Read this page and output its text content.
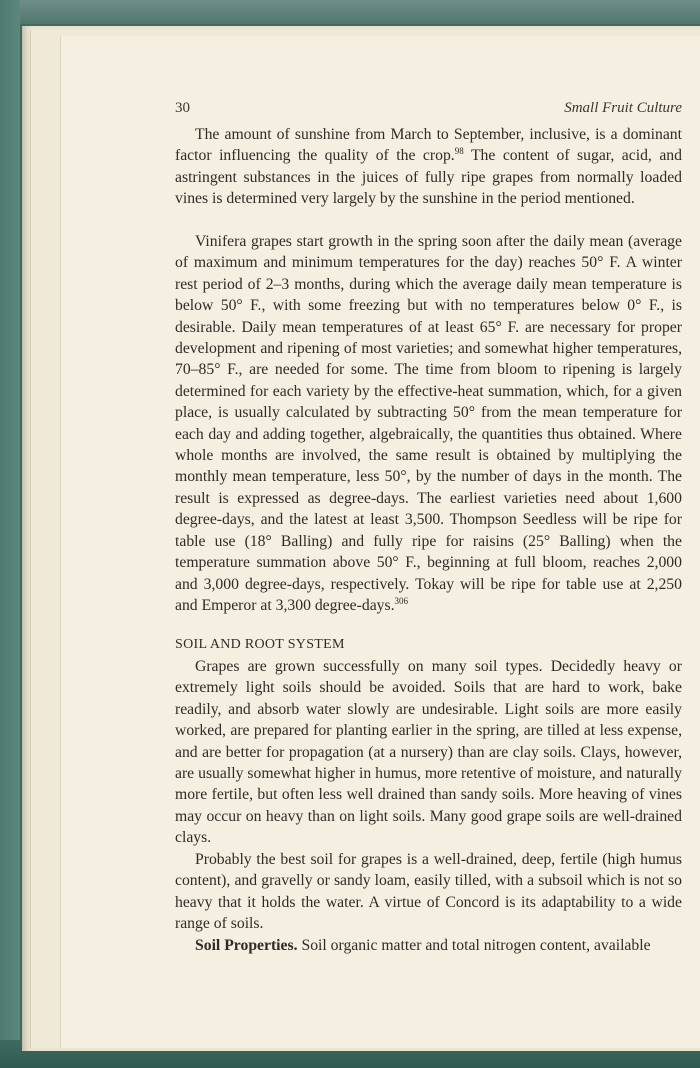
30	Small Fruit Culture

The amount of sunshine from March to September, inclusive, is a dominant factor influencing the quality of the crop.$^{98}$ The content of sugar, acid, and astringent substances in the juices of fully ripe grapes from normally loaded vines is determined very largely by the sunshine in the period mentioned.

Vinifera grapes start growth in the spring soon after the daily mean (average of maximum and minimum temperatures for the day) reaches 50° F. A winter rest period of 2–3 months, during which the average daily mean temperature is below 50° F., with some freezing but with no temperatures below 0° F., is desirable. Daily mean temperatures of at least 65° F. are necessary for proper development and ripening of most varieties; and somewhat higher temperatures, 70–85° F., are needed for some. The time from bloom to ripening is largely determined for each variety by the effective-heat summation, which, for a given place, is usually calculated by subtracting 50° from the mean temperature for each day and adding together, algebraically, the quantities thus obtained. Where whole months are involved, the same result is obtained by multiplying the monthly mean temperature, less 50°, by the number of days in the month. The result is expressed as degree-days. The earliest varieties need about 1,600 degree-days, and the latest at least 3,500. Thompson Seedless will be ripe for table use (18° Balling) and fully ripe for raisins (25° Balling) when the temperature summation above 50° F., beginning at full bloom, reaches 2,000 and 3,000 degree-days, respectively. Tokay will be ripe for table use at 2,250 and Emperor at 3,300 degree-days.$^{306}$

SOIL AND ROOT SYSTEM

Grapes are grown successfully on many soil types. Decidedly heavy or extremely light soils should be avoided. Soils that are hard to work, bake readily, and absorb water slowly are undesirable. Light soils are more easily worked, are prepared for planting earlier in the spring, are tilled at less expense, and are better for propagation (at a nursery) than are clay soils. Clays, however, are usually somewhat higher in humus, more retentive of moisture, and naturally more fertile, but often less well drained than sandy soils. More heaving of vines may occur on heavy than on light soils. Many good grape soils are well-drained clays.

Probably the best soil for grapes is a well-drained, deep, fertile (high humus content), and gravelly or sandy loam, easily tilled, with a subsoil which is not so heavy that it holds the water. A virtue of Concord is its adaptability to a wide range of soils.

Soil Properties. Soil organic matter and total nitrogen content, available
